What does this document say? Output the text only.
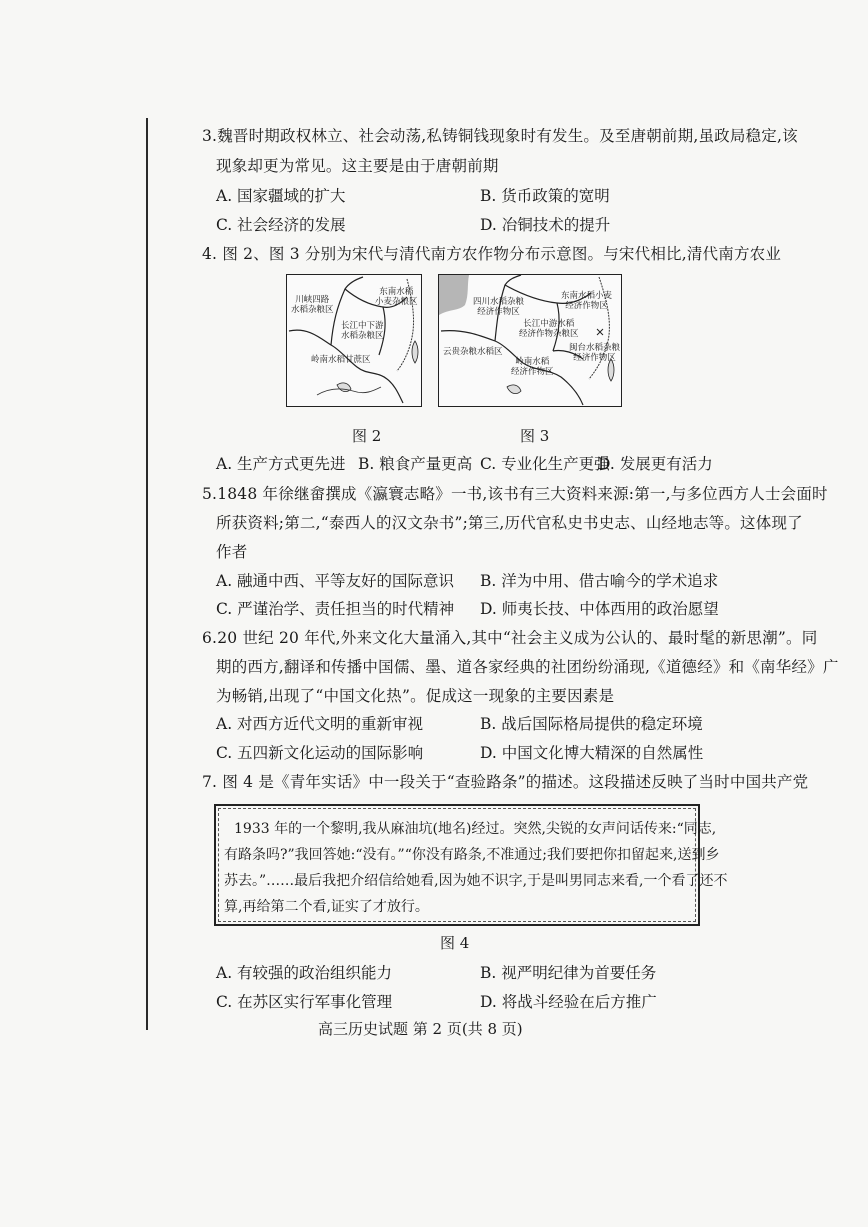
3.魏晋时期政权林立、社会动荡,私铸铜钱现象时有发生。及至唐朝前期,虽政局稳定,该
现象却更为常见。这主要是由于唐朝前期
A. 国家疆域的扩大	B. 货币政策的宽明
C. 社会经济的发展	D. 冶铜技术的提升
4. 图 2、图 3 分别为宋代与清代南方农作物分布示意图。与宋代相比,清代南方农业
川峡四路
水稻杂粮区
东南水稻
小麦杂粮区
长江中下游
水稻杂粮区
岭南水稻甘蔗区
图 2
四川水稻杂粮
经济作物区
东南水稻小麦
经济作物区
长江中游水稻
经济作物杂粮区
云贵杂粮水稻区
岭南水稻
经济作物区
闽台水稻杂粮
经济作物区
图 3
A. 生产方式更先进 B. 粮食产量更高 C. 专业化生产更强
D. 发展更有活力
5.1848 年徐继畲撰成《瀛寰志略》一书,该书有三大资料来源:第一,与多位西方人士会面时
所获资料;第二,“泰西人的汉文杂书”;第三,历代官私史书史志、山经地志等。这体现了
作者
A. 融通中西、平等友好的国际意识 B. 洋为中用、借古喻今的学术追求
C. 严谨治学、责任担当的时代精神 D. 师夷长技、中体西用的政治愿望
6.20 世纪 20 年代,外来文化大量涌入,其中“社会主义成为公认的、最时髦的新思潮”。同
期的西方,翻译和传播中国儒、墨、道各家经典的社团纷纷涌现,《道德经》和《南华经》广
为畅销,出现了“中国文化热”。促成这一现象的主要因素是
A. 对西方近代文明的重新审视	B. 战后国际格局提供的稳定环境
C. 五四新文化运动的国际影响	D. 中国文化博大精深的自然属性
7. 图 4 是《青年实话》中一段关于“查验路条”的描述。这段描述反映了当时中国共产党
1933 年的一个黎明,我从麻油坑(地名)经过。突然,尖锐的女声问话传来:“同志,
有路条吗?”我回答她:“没有。”“你没有路条,不准通过;我们要把你扣留起来,送到乡
苏去。”……最后我把介绍信给她看,因为她不识字,于是叫男同志来看,一个看了还不
算,再给第二个看,证实了才放行。
图 4
A. 有较强的政治组织能力	B. 视严明纪律为首要任务
C. 在苏区实行军事化管理	D. 将战斗经验在后方推广
高三历史试题 第 2 页(共 8 页)
